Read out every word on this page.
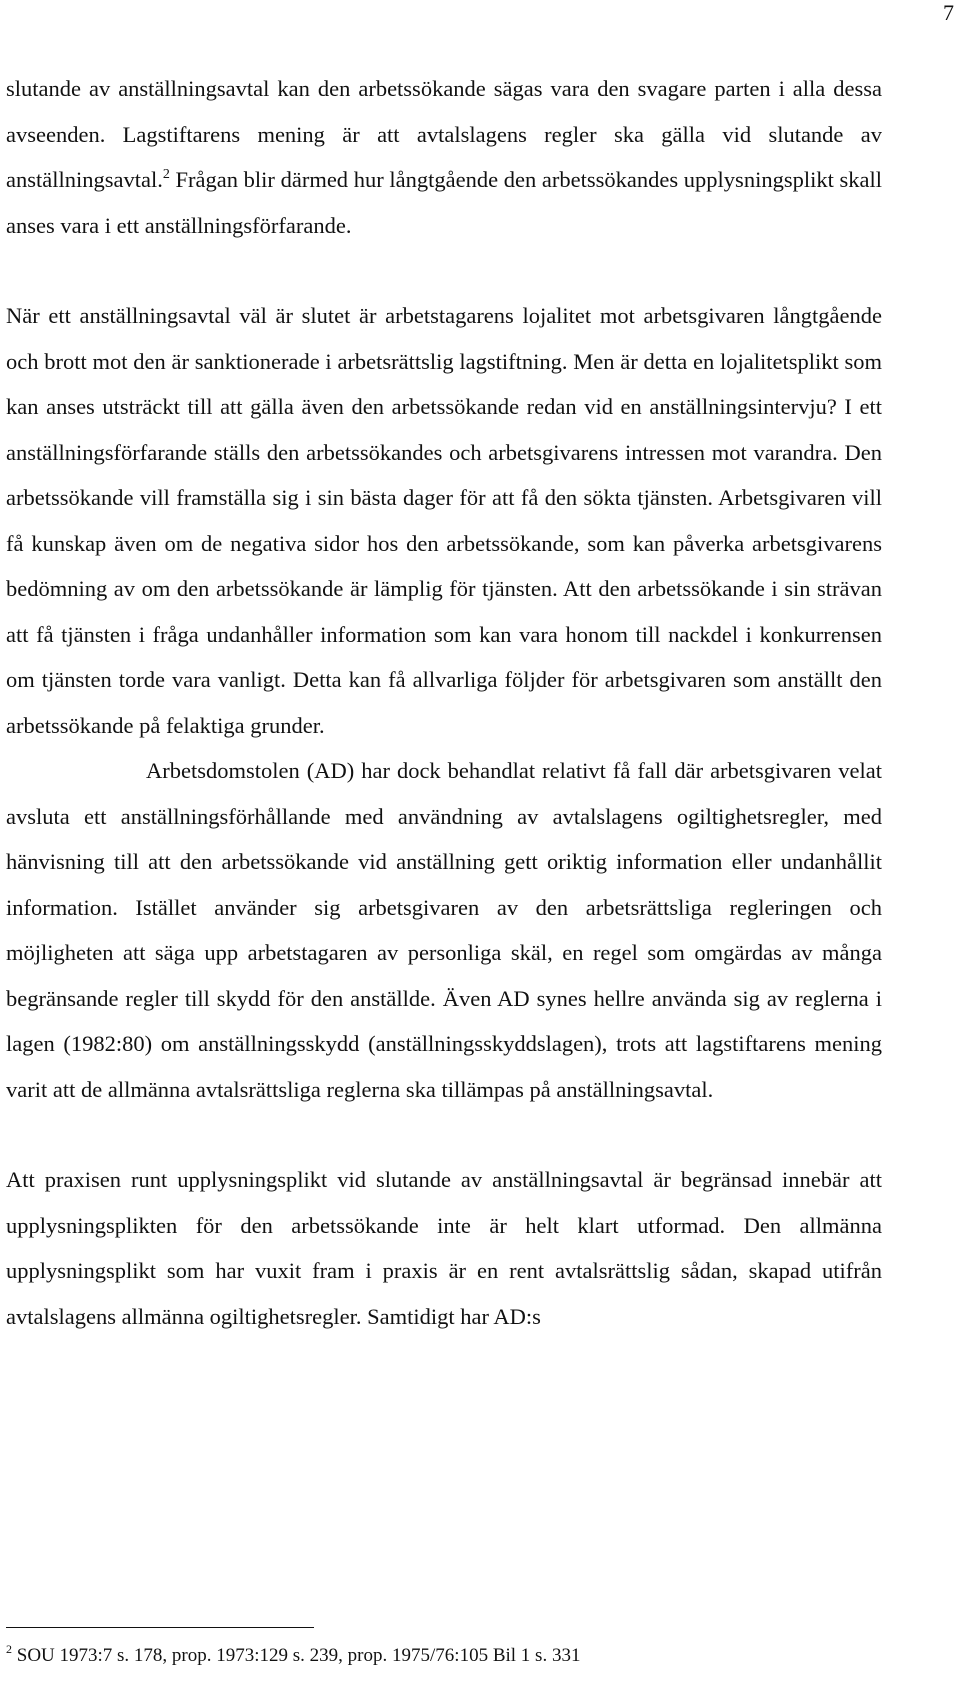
7

slutande av anställningsavtal kan den arbetssökande sägas vara den svagare parten i alla dessa avseenden. Lagstiftarens mening är att avtalslagens regler ska gälla vid slutande av anställningsavtal.$^2$ Frågan blir därmed hur långtgående den arbetssökandes upplysningsplikt skall anses vara i ett anställningsförfarande.

När ett anställningsavtal väl är slutet är arbetstagarens lojalitet mot arbetsgivaren långtgående och brott mot den är sanktionerade i arbetsrättslig lagstiftning. Men är detta en lojalitetsplikt som kan anses utsträckt till att gälla även den arbetssökande redan vid en anställningsintervju? I ett anställningsförfarande ställs den arbetssökandes och arbetsgivarens intressen mot varandra. Den arbetssökande vill framställa sig i sin bästa dager för att få den sökta tjänsten. Arbetsgivaren vill få kunskap även om de negativa sidor hos den arbetssökande, som kan påverka arbetsgivarens bedömning av om den arbetssökande är lämplig för tjänsten. Att den arbetssökande i sin strävan att få tjänsten i fråga undanhåller information som kan vara honom till nackdel i konkurrensen om tjänsten torde vara vanligt. Detta kan få allvarliga följder för arbetsgivaren som anställt den arbetssökande på felaktiga grunder.

Arbetsdomstolen (AD) har dock behandlat relativt få fall där arbetsgivaren velat avsluta ett anställningsförhållande med användning av avtalslagens ogiltighetsregler, med hänvisning till att den arbetssökande vid anställning gett oriktig information eller undanhållit information. Istället använder sig arbetsgivaren av den arbetsrättsliga regleringen och möjligheten att säga upp arbetstagaren av personliga skäl, en regel som omgärdas av många begränsande regler till skydd för den anställde. Även AD synes hellre använda sig av reglerna i lagen (1982:80) om anställningsskydd (anställningsskyddslagen), trots att lagstiftarens mening varit att de allmänna avtalsrättsliga reglerna ska tillämpas på anställningsavtal.

Att praxisen runt upplysningsplikt vid slutande av anställningsavtal är begränsad innebär att upplysningsplikten för den arbetssökande inte är helt klart utformad. Den allmänna upplysningsplikt som har vuxit fram i praxis är en rent avtalsrättslig sådan, skapad utifrån avtalslagens allmänna ogiltighetsregler. Samtidigt har AD:s

$^2$ SOU 1973:7 s. 178, prop. 1973:129 s. 239, prop. 1975/76:105 Bil 1 s. 331
